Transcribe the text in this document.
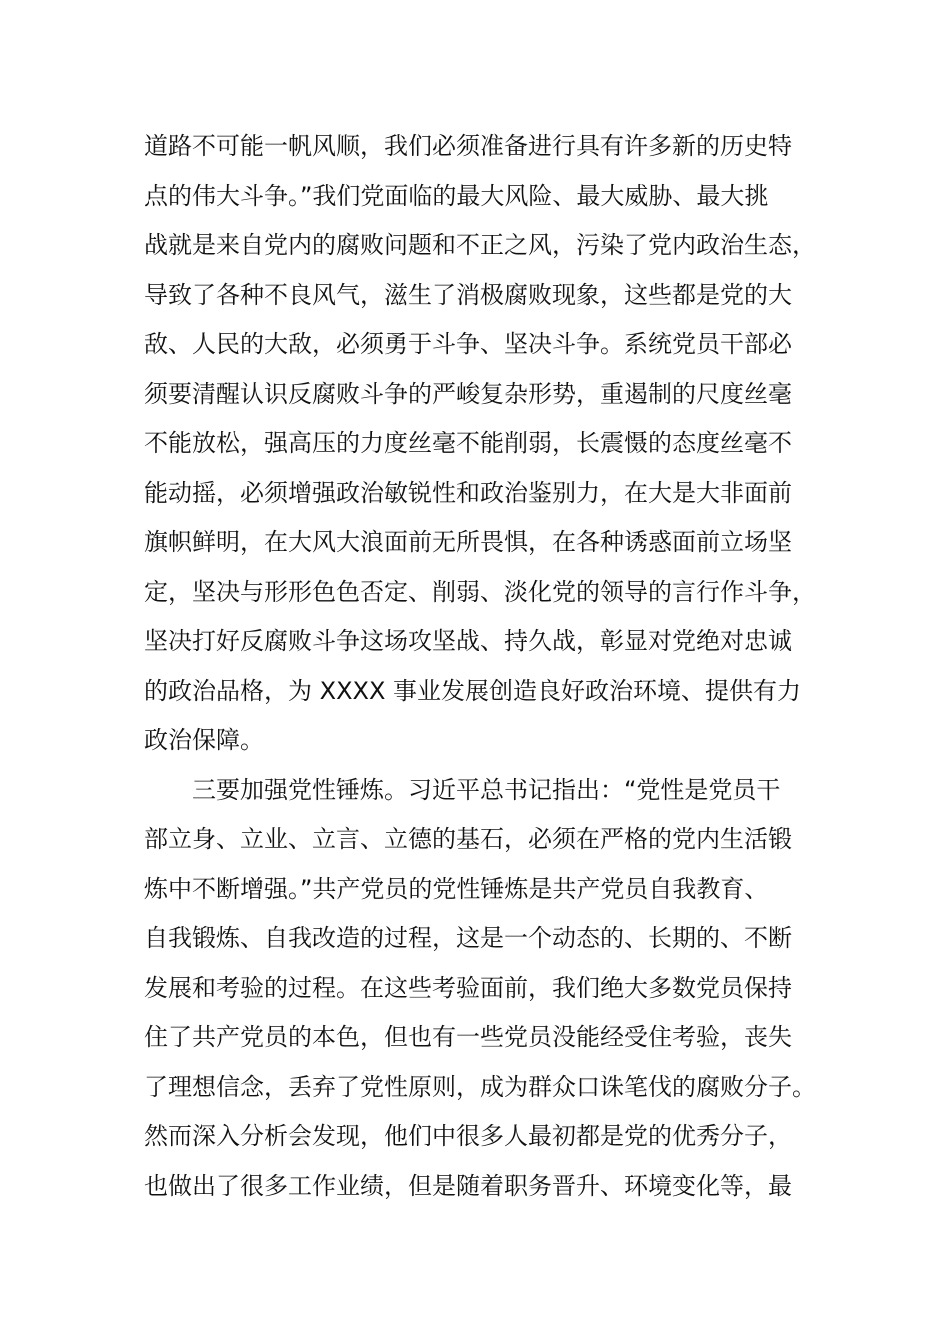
道路不可能一帆风顺，我们必须准备进行具有许多新的历史特
点的伟大斗争。”我们党面临的最大风险、最大威胁、最大挑
战就是来自党内的腐败问题和不正之风，污染了党内政治生态，
导致了各种不良风气，滋生了消极腐败现象，这些都是党的大
敌、人民的大敌，必须勇于斗争、坚决斗争。系统党员干部必
须要清醒认识反腐败斗争的严峻复杂形势，重遏制的尺度丝毫
不能放松，强高压的力度丝毫不能削弱，长震慑的态度丝毫不
能动摇，必须增强政治敏锐性和政治鉴别力，在大是大非面前
旗帜鲜明，在大风大浪面前无所畏惧，在各种诱惑面前立场坚
定，坚决与形形色色否定、削弱、淡化党的领导的言行作斗争，
坚决打好反腐败斗争这场攻坚战、持久战，彰显对党绝对忠诚
的政治品格，为 XXXX 事业发展创造良好政治环境、提供有力
政治保障。
三要加强党性锤炼。习近平总书记指出：“党性是党员干
部立身、立业、立言、立德的基石，必须在严格的党内生活锻
炼中不断增强。”共产党员的党性锤炼是共产党员自我教育、
自我锻炼、自我改造的过程，这是一个动态的、长期的、不断
发展和考验的过程。在这些考验面前，我们绝大多数党员保持
住了共产党员的本色，但也有一些党员没能经受住考验，丧失
了理想信念，丢弃了党性原则，成为群众口诛笔伐的腐败分子。
然而深入分析会发现，他们中很多人最初都是党的优秀分子，
也做出了很多工作业绩，但是随着职务晋升、环境变化等，最
